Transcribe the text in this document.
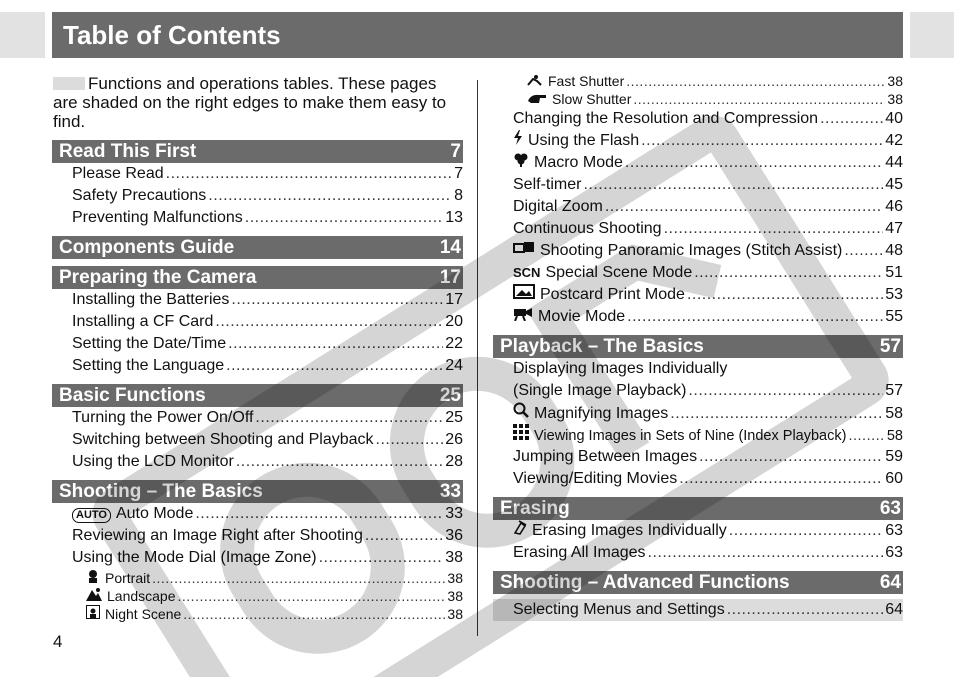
Table of Contents
Functions and operations tables. These pages are shaded on the right edges to make them easy to find.
Read This First	7
Please Read .....	7
Safety Precautions .....	8
Preventing Malfunctions .....	13
Components Guide	14
Preparing the Camera	17
Installing the Batteries .....	17
Installing a CF Card .....	20
Setting the Date/Time .....	22
Setting the Language .....	24
Basic Functions	25
Turning the Power On/Off .....	25
Switching between Shooting and Playback .....	26
Using the LCD Monitor .....	28
Shooting – The Basics	33
AUTO Auto Mode .....	33
Reviewing an Image Right after Shooting .....	36
Using the Mode Dial (Image Zone) .....	38
Portrait .....	38
Landscape .....	38
Night Scene .....	38
Fast Shutter .....	38
Slow Shutter .....	38
Changing the Resolution and Compression .....	40
Using the Flash .....	42
Macro Mode .....	44
Self-timer .....	45
Digital Zoom .....	46
Continuous Shooting .....	47
Shooting Panoramic Images (Stitch Assist) .....	48
SCN Special Scene Mode .....	51
Postcard Print Mode .....	53
Movie Mode .....	55
Playback – The Basics	57
Displaying Images Individually
(Single Image Playback) .....	57
Magnifying Images .....	58
Viewing Images in Sets of Nine (Index Playback) .....	58
Jumping Between Images .....	59
Viewing/Editing Movies .....	60
Erasing	63
Erasing Images Individually .....	63
Erasing All Images .....	63
Shooting – Advanced Functions	64
Selecting Menus and Settings .....	64
4
